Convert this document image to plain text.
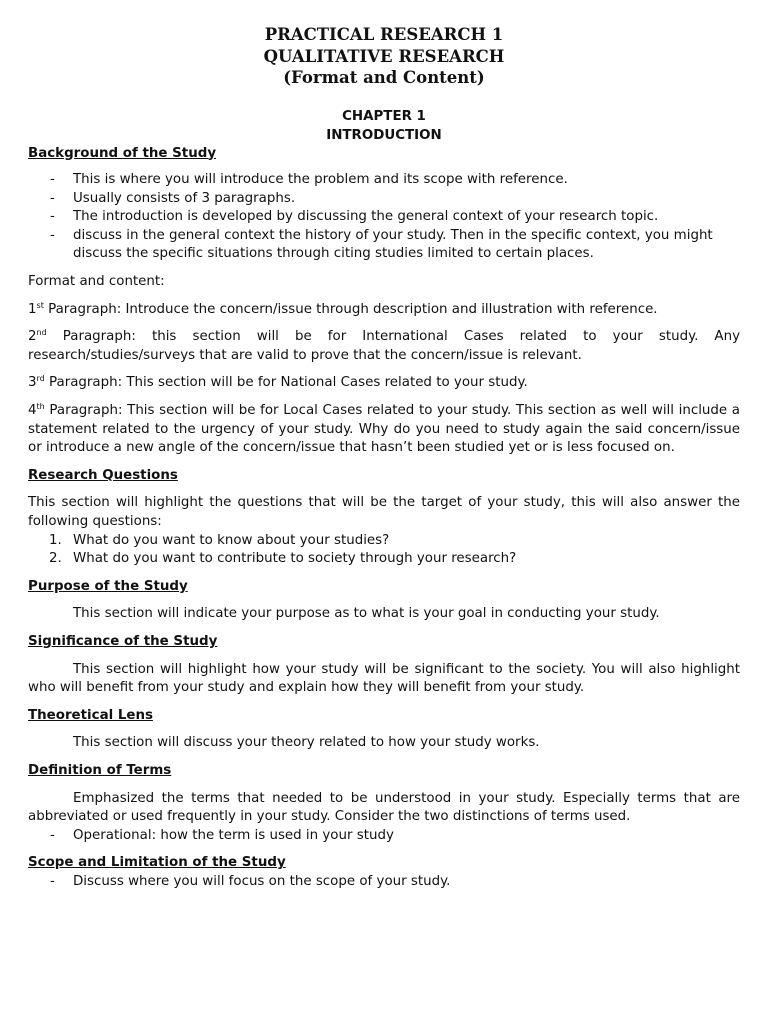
PRACTICAL RESEARCH 1
QUALITATIVE RESEARCH
(Format and Content)
CHAPTER 1
INTRODUCTION

Background of the Study

- This is where you will introduce the problem and its scope with reference.
- Usually consists of 3 paragraphs.
- The introduction is developed by discussing the general context of your research topic.
- discuss in the general context the history of your study. Then in the specific context, you might discuss the specific situations through citing studies limited to certain places.

Format and content:

1st Paragraph: Introduce the concern/issue through description and illustration with reference.

2nd Paragraph: this section will be for International Cases related to your study. Any research/studies/surveys that are valid to prove that the concern/issue is relevant.

3rd Paragraph: This section will be for National Cases related to your study.

4th Paragraph: This section will be for Local Cases related to your study. This section as well will include a statement related to the urgency of your study. Why do you need to study again the said concern/issue or introduce a new angle of the concern/issue that hasn’t been studied yet or is less focused on.

Research Questions

This section will highlight the questions that will be the target of your study, this will also answer the following questions:

1. What do you want to know about your studies?
2. What do you want to contribute to society through your research?

Purpose of the Study

This section will indicate your purpose as to what is your goal in conducting your study.

Significance of the Study

This section will highlight how your study will be significant to the society. You will also highlight who will benefit from your study and explain how they will benefit from your study.

Theoretical Lens

This section will discuss your theory related to how your study works.

Definition of Terms

Emphasized the terms that needed to be understood in your study. Especially terms that are abbreviated or used frequently in your study. Consider the two distinctions of terms used.

- Operational: how the term is used in your study

Scope and Limitation of the Study

- Discuss where you will focus on the scope of your study.
